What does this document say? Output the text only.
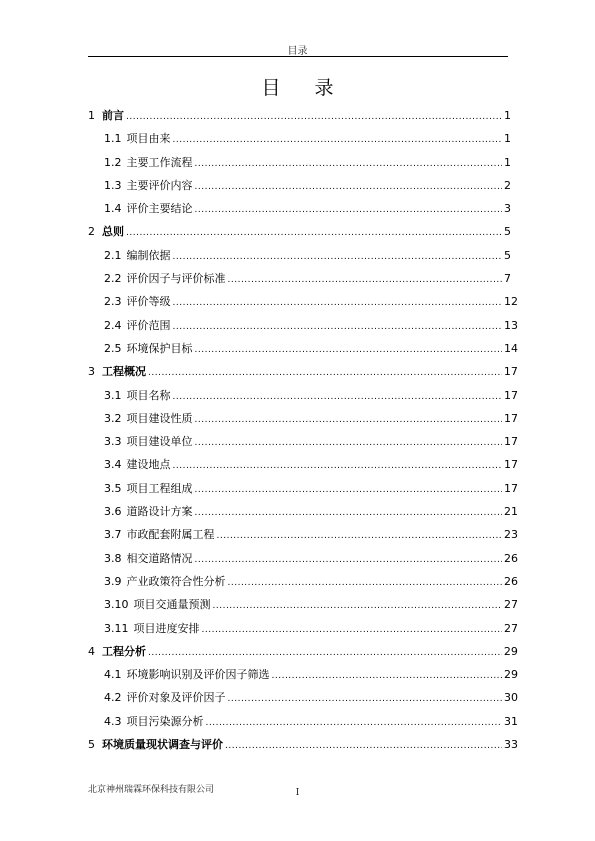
目录
目 录
1 前言 .....	1
1.1 项目由来 .....	1
1.2 主要工作流程 .....	1
1.3 主要评价内容 .....	2
1.4 评价主要结论 .....	3
2 总则 .....	5
2.1 编制依据 .....	5
2.2 评价因子与评价标准 .....	7
2.3 评价等级 .....	12
2.4 评价范围 .....	13
2.5 环境保护目标 .....	14
3 工程概况 .....	17
3.1 项目名称 .....	17
3.2 项目建设性质 .....	17
3.3 项目建设单位 .....	17
3.4 建设地点 .....	17
3.5 项目工程组成 .....	17
3.6 道路设计方案 .....	21
3.7 市政配套附属工程 .....	23
3.8 相交道路情况 .....	26
3.9 产业政策符合性分析 .....	26
3.10 项目交通量预测 .....	27
3.11 项目进度安排 .....	27
4 工程分析 .....	29
4.1 环境影响识别及评价因子筛选 .....	29
4.2 评价对象及评价因子 .....	30
4.3 项目污染源分析 .....	31
5 环境质量现状调查与评价 .....	33
北京神州瑞霖环保科技有限公司	I
